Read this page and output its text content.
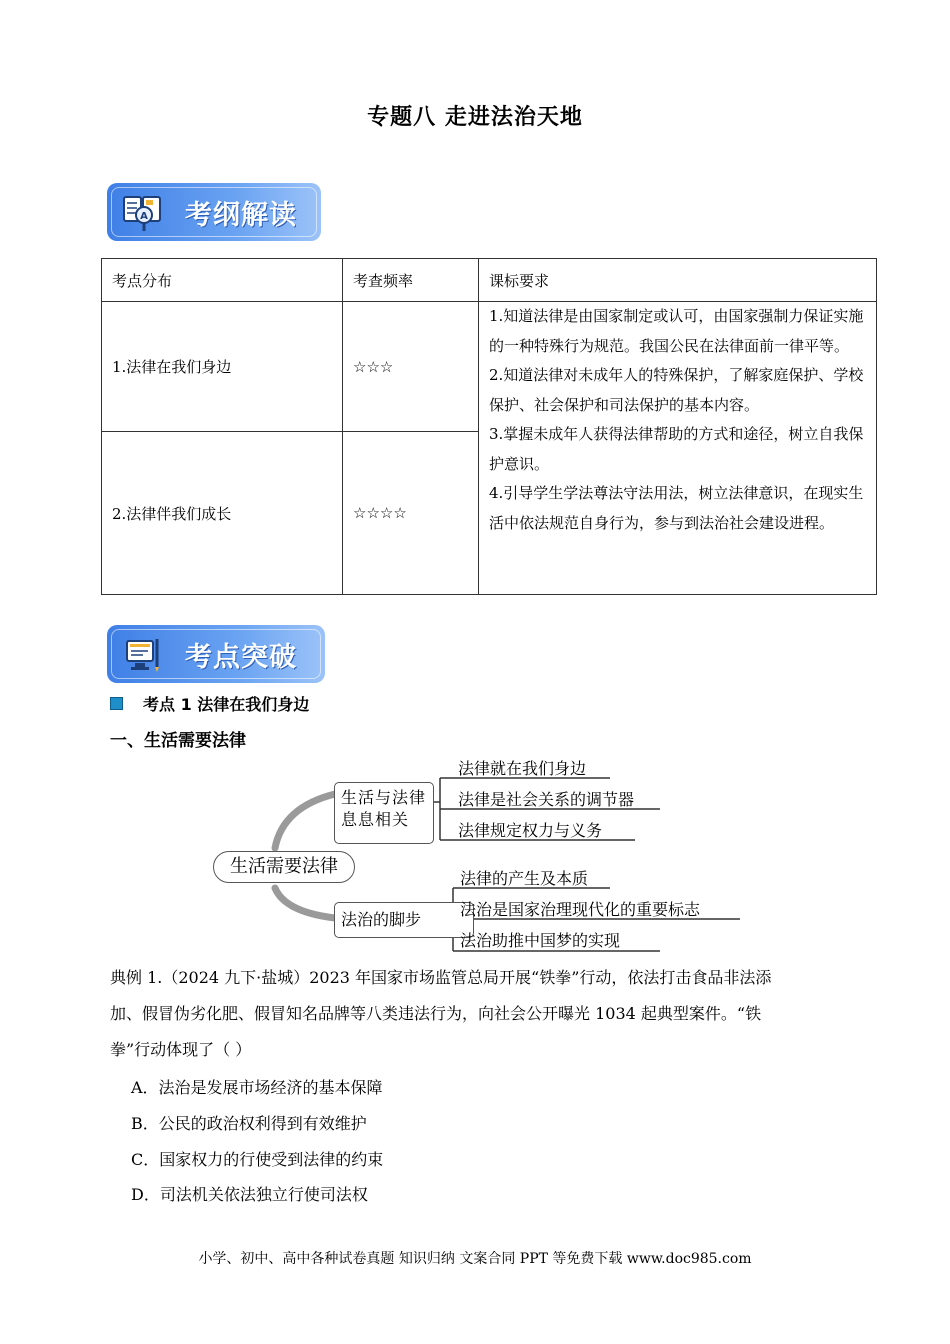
专题八 走进法治天地
A 考纲解读
考点分布	考查频率	课标要求
1.法律在我们身边	☆☆☆	1.知道法律是由国家制定或认可，由国家强制力保证实施的一种特殊行为规范。我国公民在法律面前一律平等。
2.知道法律对未成年人的特殊保护，了解家庭保护、学校保护、社会保护和司法保护的基本内容。
3.掌握未成年人获得法律帮助的方式和途径，树立自我保护意识。
4.引导学生学法尊法守法用法，树立法律意识，在现实生活中依法规范自身行为，参与到法治社会建设进程。

2.法律伴我们成长	☆☆☆☆	
考点突破
考点 1 法律在我们身边
一、生活需要法律
生活需要法律
生活与法律息息相关
法治的脚步
法律就在我们身边
法律是社会关系的调节器
法律规定权力与义务
法律的产生及本质
法治是国家治理现代化的重要标志
法治助推中国梦的实现
典例 1.（2024 九下·盐城）2023 年国家市场监管总局开展“铁拳”行动，依法打击食品非法添
加、假冒伪劣化肥、假冒知名品牌等八类违法行为，向社会公开曝光 1034 起典型案件。“铁
拳”行动体现了（ ）
A．法治是发展市场经济的基本保障
B．公民的政治权利得到有效维护
C．国家权力的行使受到法律的约束
D．司法机关依法独立行使司法权
小学、初中、高中各种试卷真题 知识归纳 文案合同 PPT 等免费下载 www.doc985.com
